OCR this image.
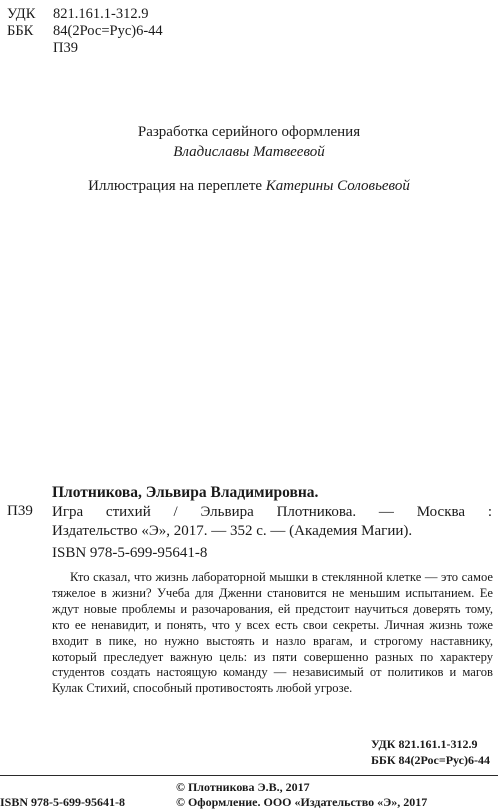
УДК	821.161.1-312.9
ББК	84(2Рос=Рус)6-44
П39
Разработка серийного оформления
Владиславы Матвеевой
Иллюстрация на переплете Катерины Соловьевой
Плотникова, Эльвира Владимировна.
П39 Игра стихий / Эльвира Плотникова. — Москва :
Издательство «Э», 2017. — 352 с. — (Академия Магии).
ISBN 978-5-699-95641-8
Кто сказал, что жизнь лабораторной мышки в стеклянной клетке — это самое тяжелое в жизни? Учеба для Дженни становится не меньшим испытанием. Ее ждут новые проблемы и разочарования, ей предстоит научиться доверять тому, кто ее ненавидит, и понять, что у всех есть свои секреты. Личная жизнь тоже входит в пике, но нужно выстоять и назло врагам, и строгому наставнику, который преследует важную цель: из пяти совершенно разных по характеру студентов создать настоящую команду — независимый от политиков и магов Кулак Стихий, способный противостоять любой угрозе.
УДК 821.161.1-312.9
ББК 84(2Рос=Рус)6-44
© Плотникова Э.В., 2017
© Оформление. ООО «Издательство «Э», 2017
ISBN 978-5-699-95641-8
